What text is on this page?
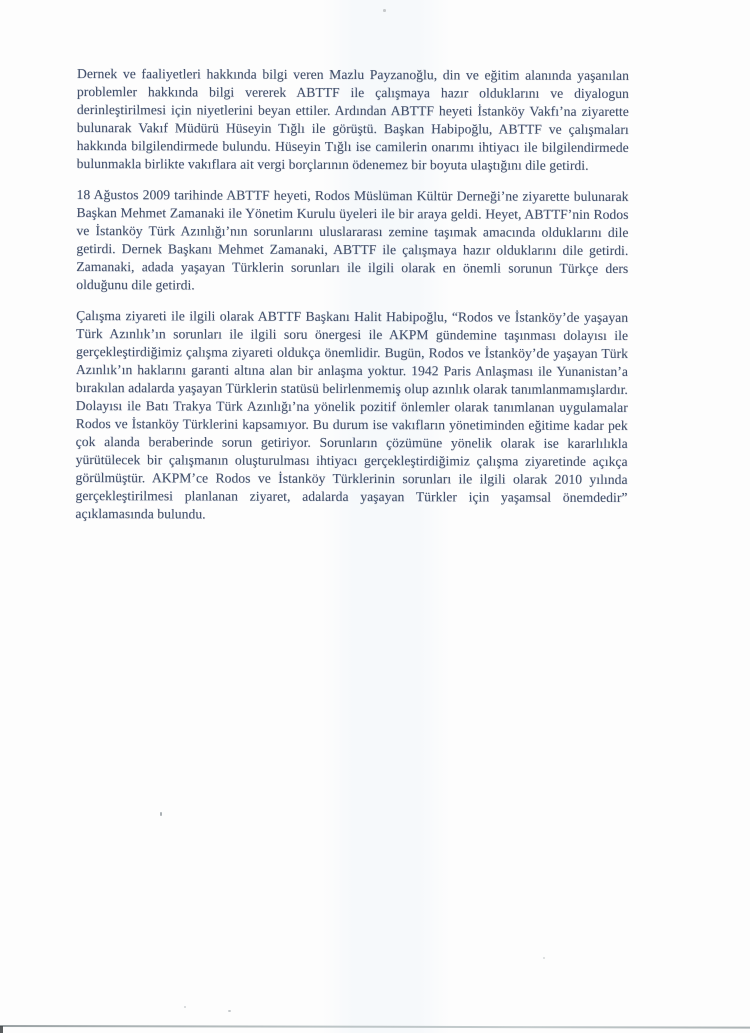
Dernek ve faaliyetleri hakkında bilgi veren Mazlu Payzanoğlu, din ve eğitim alanında yaşanılan problemler hakkında bilgi vererek ABTTF ile çalışmaya hazır olduklarını ve diyalogun derinleştirilmesi için niyetlerini beyan ettiler. Ardından ABTTF heyeti İstanköy Vakfı’na ziyarette bulunarak Vakıf Müdürü Hüseyin Tığlı ile görüştü. Başkan Habipoğlu, ABTTF ve çalışmaları hakkında bilgilendirmede bulundu. Hüseyin Tığlı ise camilerin onarımı ihtiyacı ile bilgilendirmede bulunmakla birlikte vakıflara ait vergi borçlarının ödenemez bir boyuta ulaştığını dile getirdi.

18 Ağustos 2009 tarihinde ABTTF heyeti, Rodos Müslüman Kültür Derneği’ne ziyarette bulunarak Başkan Mehmet Zamanaki ile Yönetim Kurulu üyeleri ile bir araya geldi. Heyet, ABTTF’nin Rodos ve İstanköy Türk Azınlığı’nın sorunlarını uluslararası zemine taşımak amacında olduklarını dile getirdi. Dernek Başkanı Mehmet Zamanaki, ABTTF ile çalışmaya hazır olduklarını dile getirdi. Zamanaki, adada yaşayan Türklerin sorunları ile ilgili olarak en önemli sorunun Türkçe ders olduğunu dile getirdi.

Çalışma ziyareti ile ilgili olarak ABTTF Başkanı Halit Habipoğlu, “Rodos ve İstanköy’de yaşayan Türk Azınlık’ın sorunları ile ilgili soru önergesi ile AKPM gündemine taşınması dolayısı ile gerçekleştirdiğimiz çalışma ziyareti oldukça önemlidir. Bugün, Rodos ve İstanköy’de yaşayan Türk Azınlık’ın haklarını garanti altına alan bir anlaşma yoktur. 1942 Paris Anlaşması ile Yunanistan’a bırakılan adalarda yaşayan Türklerin statüsü belirlenmemiş olup azınlık olarak tanımlanmamışlardır. Dolayısı ile Batı Trakya Türk Azınlığı’na yönelik pozitif önlemler olarak tanımlanan uygulamalar Rodos ve İstanköy Türklerini kapsamıyor. Bu durum ise vakıfların yönetiminden eğitime kadar pek çok alanda beraberinde sorun getiriyor. Sorunların çözümüne yönelik olarak ise kararlılıkla yürütülecek bir çalışmanın oluşturulması ihtiyacı gerçekleştirdiğimiz çalışma ziyaretinde açıkça görülmüştür. AKPM’ce Rodos ve İstanköy Türklerinin sorunları ile ilgili olarak 2010 yılında gerçekleştirilmesi planlanan ziyaret, adalarda yaşayan Türkler için yaşamsal önemdedir” açıklamasında bulundu.
